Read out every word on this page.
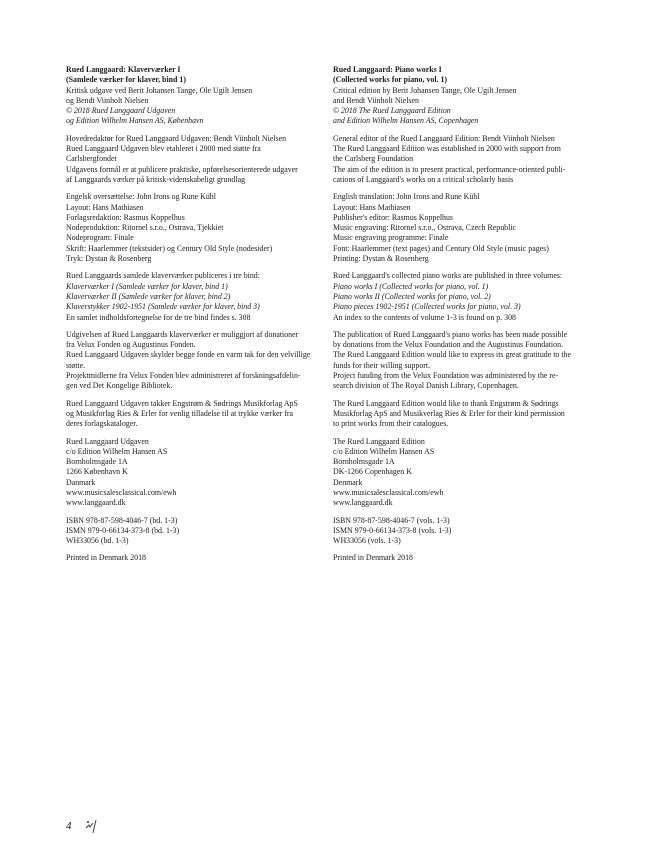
Rued Langgaard: Klaverværker I
(Samlede værker for klaver, bind 1)
Kritisk udgave ved Berit Johansen Tange, Ole Ugilt Jensen
og Bendt Viinholt Nielsen
© 2018 Rued Langgaard Udgaven
og Edition Wilhelm Hansen AS, København
Hovedredaktør for Rued Langgaard Udgaven: Bendt Viinholt Nielsen
Rued Langgaard Udgaven blev etableret i 2000 med støtte fra
Carlsbergfondet
Udgavens formål er at publicere praktiske, opførelsesorienterede udgaver
af Langgaards værker på kritisk-videnskabeligt grundlag
Engelsk oversættelse: John Irons og Rune Kühl
Layout: Hans Mathiasen
Forlagsredaktion: Rasmus Koppelhus
Nodeproduktion: Ritornel s.r.o., Ostrava, Tjekkiet
Nodeprogram: Finale
Skrift: Haarlemmer (tekstsider) og Century Old Style (nodesider)
Tryk: Dystan & Rosenberg
Rued Langgaards samlede klaverværker publiceres i tre bind:
Klaverværker I (Samlede værker for klaver, bind 1)
Klaverværker II (Samlede værker for klaver, bind 2)
Klaverstykker 1902-1951 (Samlede værker for klaver, bind 3)
En samlet indholdsfortegnelse for de tre bind findes s. 308
Udgivelsen af Rued Langgaards klaverværker er muliggjort af donationer
fra Velux Fonden og Augustinus Fonden.
Rued Langgaard Udgaven skylder begge fonde en varm tak for den velvillige
støtte.
Projektmidlerne fra Velux Fonden blev administreret af forskningsafdelin-
gen ved Det Kongelige Bibliotek.
Rued Langgaard Udgaven takker Engstrøm & Sødrings Musikforlag ApS
og Musikforlag Ries & Erler for venlig tilladelse til at trykke værker fra
deres forlagskataloger.
Rued Langgaard Udgaven
c/o Edition Wilhelm Hansen AS
Bornholmsgade 1A
1266 København K
Danmark
www.musicsalesclassical.com/ewh
www.langgaard.dk
ISBN 978-87-598-4046-7 (bd. 1-3)
ISMN 979-0-66134-373-8 (bd. 1-3)
WH33056 (bd. 1-3)
Printed in Denmark 2018
Rued Langgaard: Piano works I
(Collected works for piano, vol. 1)
Critical edition by Berit Johansen Tange, Ole Ugilt Jensen
and Bendt Viinholt Nielsen
© 2018 The Rued Langgaard Edition
and Edition Wilhelm Hansen AS, Copenhagen
General editor of the Rued Langgaard Edition: Bendt Viinholt Nielsen
The Rued Langgaard Edition was established in 2000 with support from
the Carlsberg Foundation
The aim of the edition is to present practical, performance-oriented publi-
cations of Langgaard's works on a critical scholarly basis
English translation: John Irons and Rune Kühl
Layout: Hans Mathiasen
Publisher's editor: Rasmus Koppelhus
Music engraving: Ritornel s.r.o., Ostrava, Czech Republic
Music engraving programme: Finale
Font: Haarlemmer (text pages) and Century Old Style (music pages)
Printing: Dystan & Rosenberg
Rued Langgaard's collected piano works are published in three volumes:
Piano works I (Collected works for piano, vol. 1)
Piano works II (Collected works for piano, vol. 2)
Piano pieces 1902-1951 (Collected works for piano, vol. 3)
An index to the contents of volume 1-3 is found on p. 308
The publication of Rued Langgaard's piano works has been made possible
by donations from the Velux Foundation and the Augustinus Foundation.
The Rued Langgaard Edition would like to express its great gratitude to the
funds for their willing support.
Project funding from the Velux Foundation was administered by the re-
search division of The Royal Danish Library, Copenhagen.
The Rued Langgaard Edition would like to thank Engstrøm & Sødrings
Musikforlag ApS and Musikverlag Ries & Erler for their kind permission
to print works from their catalogues.
The Rued Langgaard Edition
c/o Edition Wilhelm Hansen AS
Bornholmsgade 1A
DK-1266 Copenhagen K
Denmark
www.musicsalesclassical.com/ewh
www.langgaard.dk
ISBN 978-87-598-4046-7 (vols. 1-3)
ISMN 979-0-66134-373-8 (vols. 1-3)
WH33056 (vols. 1-3)
Printed in Denmark 2018
4
